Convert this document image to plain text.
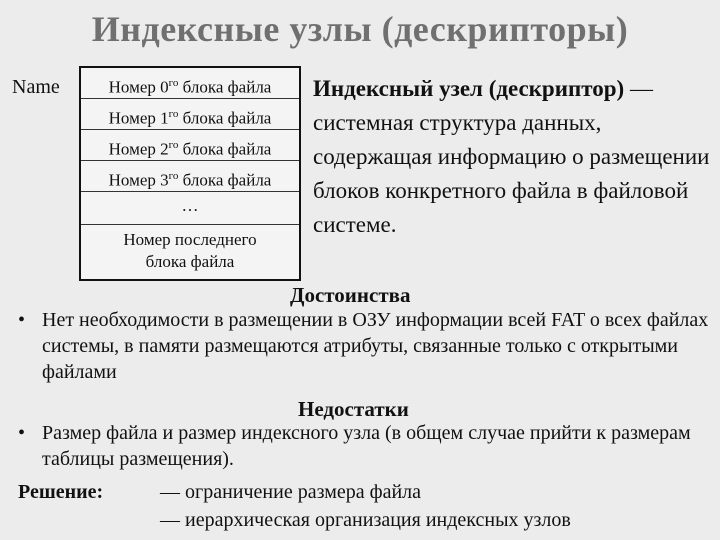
Индексные узлы (дескрипторы)
Name	Номер $0^{го}$ блока файла
Номер $1^{го}$ блока файла
Номер $2^{го}$ блока файла
Номер $3^{го}$ блока файла
…
Номер последнего
блока файла
Индексный узел (дескриптор) — системная структура данных, содержащая информацию о размещении блоков конкретного файла в файловой системе.
Достоинства
• Нет необходимости в размещении в ОЗУ информации всей FAT о всех файлах системы, в памяти размещаются атрибуты, связанные только с открытыми файлами
Недостатки
• Размер файла и размер индексного узла (в общем случае прийти к размерам таблицы размещения).
Решение:	— ограничение размера файла
— иерархическая организация индексных узлов
